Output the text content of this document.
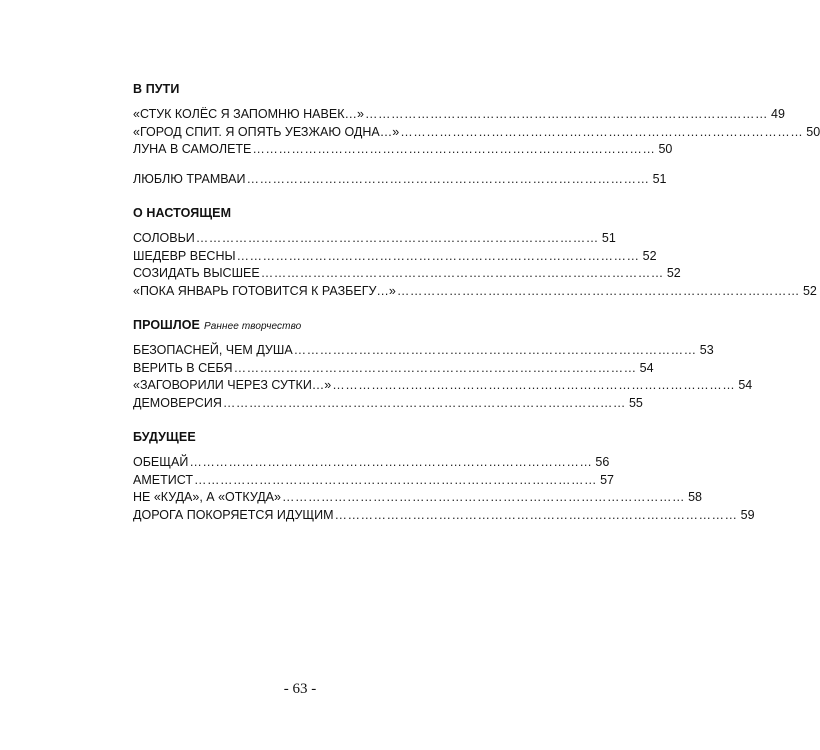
В ПУТИ
«СТУК КОЛЁС Я ЗАПОМНЮ НАВЕК…» ………………………………………………………………………………… 49
«ГОРОД СПИТ. Я ОПЯТЬ УЕЗЖАЮ ОДНА…» ………………………………………………………………………………… 50
ЛУНА В САМОЛЕТЕ ………………………………………………………………………………… 50
ЛЮБЛЮ ТРАМВАИ ………………………………………………………………………………… 51
О НАСТОЯЩЕМ
СОЛОВЬИ ………………………………………………………………………………… 51
ШЕДЕВР ВЕСНЫ ………………………………………………………………………………… 52
СОЗИДАТЬ ВЫСШЕЕ ………………………………………………………………………………… 52
«ПОКА ЯНВАРЬ ГОТОВИТСЯ К РАЗБЕГУ…» ………………………………………………………………………………… 52
ПРОШЛОЕ Раннее творчество
БЕЗОПАСНЕЙ, ЧЕМ ДУША ………………………………………………………………………………… 53
ВЕРИТЬ В СЕБЯ ………………………………………………………………………………… 54
«ЗАГОВОРИЛИ ЧЕРЕЗ СУТКИ…» ………………………………………………………………………………… 54
ДЕМОВЕРСИЯ ………………………………………………………………………………… 55
БУДУЩЕЕ
ОБЕЩАЙ ………………………………………………………………………………… 56
АМЕТИСТ ………………………………………………………………………………… 57
НЕ «КУДА», А «ОТКУДА» ………………………………………………………………………………… 58
ДОРОГА ПОКОРЯЕТСЯ ИДУЩИМ ………………………………………………………………………………… 59
- 63 -
